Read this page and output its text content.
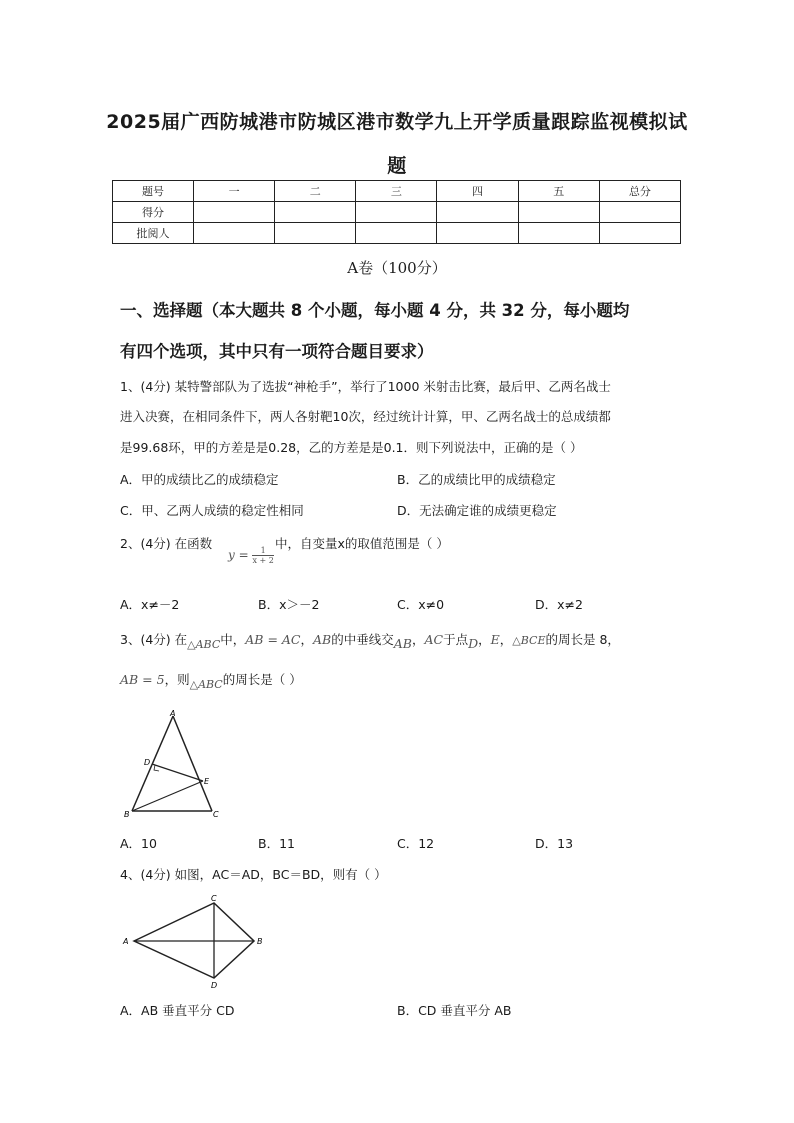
2025届广西防城港市防城区港市数学九上开学质量跟踪监视模拟试
题
题号	一	二	三	四	五	总分
得分						
批阅人						
A卷（100分）
一、选择题（本大题共 8 个小题，每小题 4 分，共 32 分，每小题均
有四个选项，其中只有一项符合题目要求）
1、(4分) 某特警部队为了选拔“神枪手”，举行了1000 米射击比赛，最后甲、乙两名战士
进入决赛，在相同条件下，两人各射靶10次，经过统计计算，甲、乙两名战士的总成绩都
是99.68环，甲的方差是是0.28，乙的方差是是0.1．则下列说法中，正确的是（ ）
A．甲的成绩比乙的成绩稳定	B．乙的成绩比甲的成绩稳定
C．甲、乙两人成绩的稳定性相同	D．无法确定谁的成绩更稳定
2、(4分) 在函数
$y = \frac{1}{x + 2}$
中，自变量x的取值范围是（ ）
A．x≠－2	B．x＞－2	C．x≠0	D．x≠2
3、(4分) 在△ABC中，AB = AC，AB的中垂线交AB，AC于点D，E，△BCE的周长是 8，
AB = 5，则△ABC的周长是（ ）
A
D
E
B	C
A．10	B．11	C．12	D．13
4、(4分) 如图，AC＝AD，BC＝BD，则有（ ）
A
C
B
D
A．AB 垂直平分 CD	B．CD 垂直平分 AB
